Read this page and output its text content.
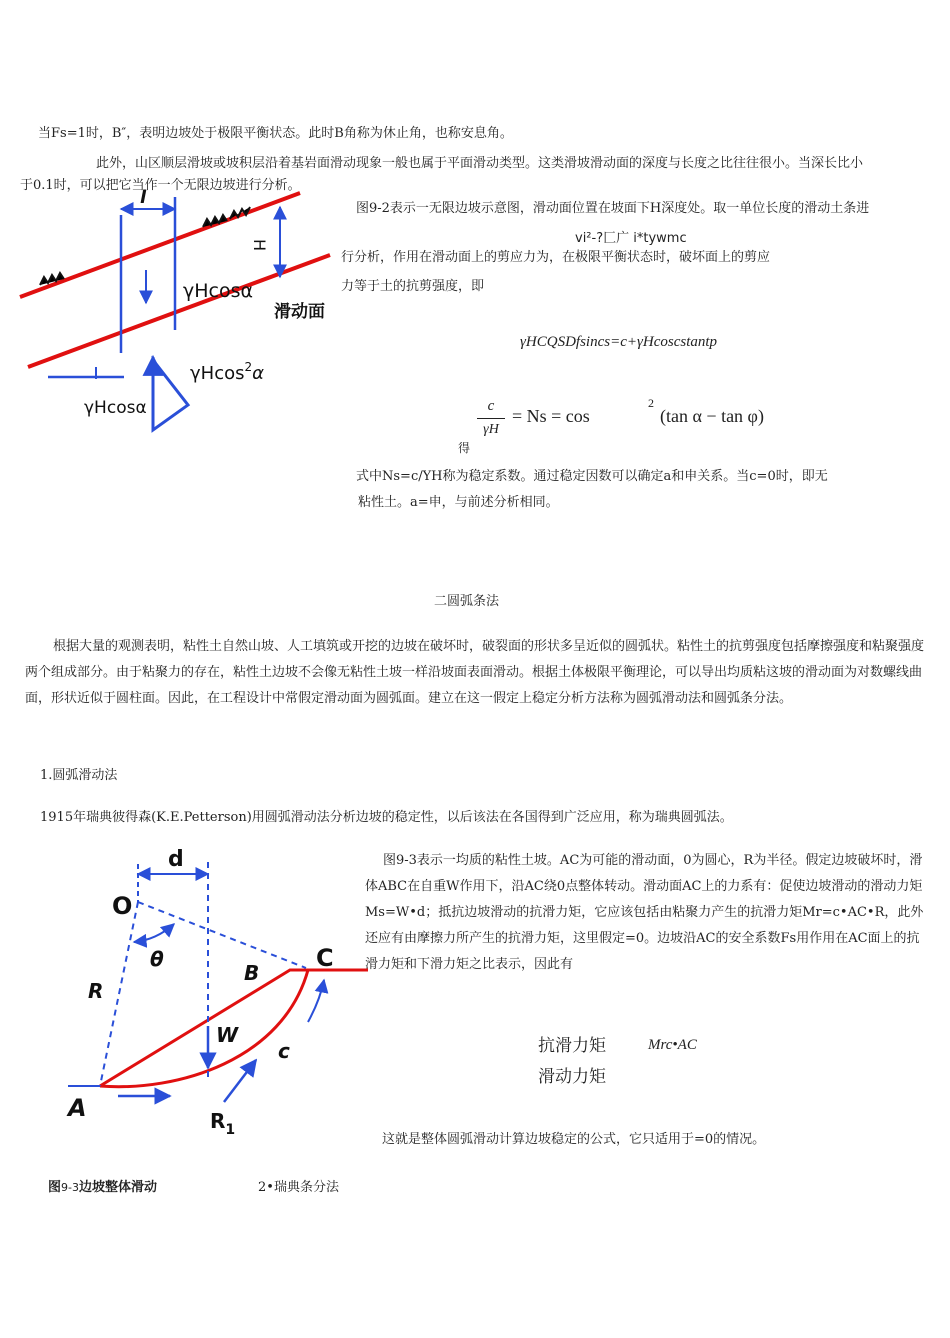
当Fs=1时，B″，表明边坡处于极限平衡状态。此时B角称为休止角，也称安息角。
此外，山区顺层滑坡或坡积层沿着基岩面滑动现象一般也属于平面滑动类型。这类滑坡滑动面的深度与长度之比往往很小。当深长比小
于0.1时，可以把它当作一个无限边坡进行分析。
图9-2表示一无限边坡示意图，滑动面位置在坡面下H深度处。取一单位长度的滑动土条进
vi²-?匚广 i*tywmc
行分析，作用在滑动面上的剪应力为，在极限平衡状态时，破坏面上的剪应
力等于土的抗剪强度，即
γHCQSDfsincs=c+γHcoscstantp
得
c
γH
= Ns = cos
2
(tan α − tan φ)
式中Ns=c/YH称为稳定系数。通过稳定因数可以确定a和申关系。当c=0时，即无
粘性土。a=申，与前述分析相同。
l
H
γHcosα
滑动面
γHcos$^2$α
γHcosα
二圆弧条法
根据大量的观测表明，粘性土自然山坡、人工填筑或开挖的边坡在破坏时，破裂面的形状多呈近似的圆弧状。粘性土的抗剪强度包括摩擦强度和粘聚强度两个组成部分。由于粘聚力的存在，粘性土边坡不会像无粘性土坡一样沿坡面表面滑动。根据土体极限平衡理论，可以导出均质粘这坡的滑动面为对数螺线曲面，形状近似于圆柱面。因此，在工程设计中常假定滑动面为圆弧面。建立在这一假定上稳定分析方法称为圆弧滑动法和圆弧条分法。
1.圆弧滑动法
1915年瑞典彼得森(K.E.Petterson)用圆弧滑动法分析边坡的稳定性，以后该法在各国得到广泛应用，称为瑞典圆弧法。
图9-3表示一均质的粘性土坡。AC为可能的滑动面，0为圆心，R为半径。假定边坡破坏时，滑体ABC在自重W作用下，沿AC绕0点整体转动。滑动面AC上的力系有：促使边坡滑动的滑动力矩Ms=W•d；抵抗边坡滑动的抗滑力矩，它应该包括由粘聚力产生的抗滑力矩Mr=c•AC•R，此外还应有由摩擦力所产生的抗滑力矩，这里假定=0。边坡沿AC的安全系数Fs用作用在AC面上的抗滑力矩和下滑力矩之比表示，因此有
抗滑力矩
滑动力矩
Mrc•AC
这就是整体圆弧滑动计算边坡稳定的公式，它只适用于=0的情况。
图9-3边坡整体滑动	2•瑞典条分法
d
O
θ
B
C
R
W
c
A	$R_1$
